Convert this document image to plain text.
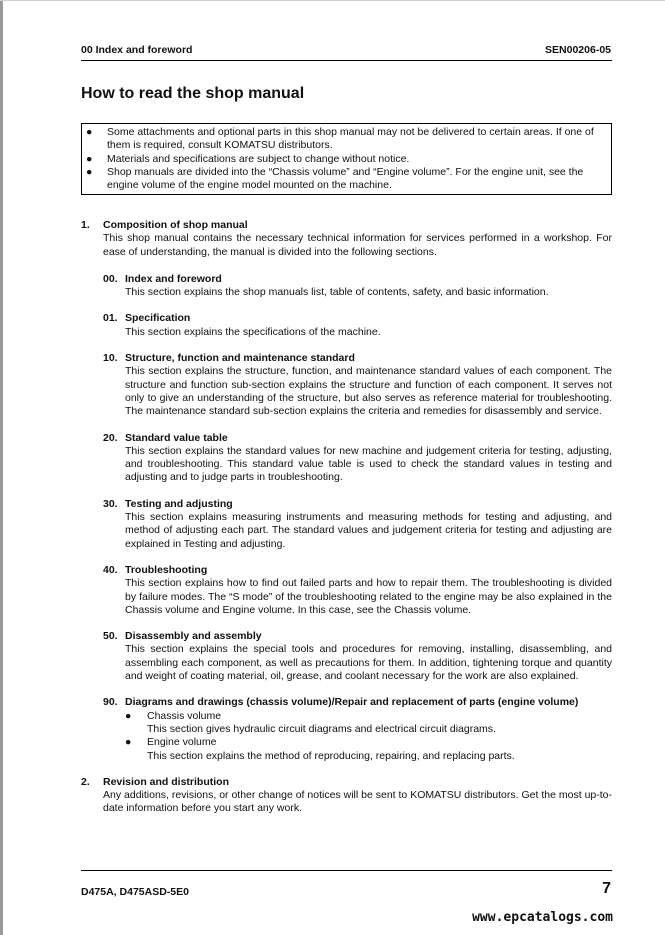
00 Index and foreword	SEN00206-05
How to read the shop manual
● Some attachments and optional parts in this shop manual may not be delivered to certain areas. If one of them is required, consult KOMATSU distributors.
● Materials and specifications are subject to change without notice.
● Shop manuals are divided into the “Chassis volume” and “Engine volume”. For the engine unit, see the engine volume of the engine model mounted on the machine.
1. Composition of shop manual
This shop manual contains the necessary technical information for services performed in a workshop. For ease of understanding, the manual is divided into the following sections.
00. Index and foreword
This section explains the shop manuals list, table of contents, safety, and basic information.
01. Specification
This section explains the specifications of the machine.
10. Structure, function and maintenance standard
This section explains the structure, function, and maintenance standard values of each component. The structure and function sub-section explains the structure and function of each component. It serves not only to give an understanding of the structure, but also serves as reference material for troubleshooting. The maintenance standard sub-section explains the criteria and remedies for disassembly and service.
20. Standard value table
This section explains the standard values for new machine and judgement criteria for testing, adjusting, and troubleshooting. This standard value table is used to check the standard values in testing and adjusting and to judge parts in troubleshooting.
30. Testing and adjusting
This section explains measuring instruments and measuring methods for testing and adjusting, and method of adjusting each part. The standard values and judgement criteria for testing and adjusting are explained in Testing and adjusting.
40. Troubleshooting
This section explains how to find out failed parts and how to repair them. The troubleshooting is divided by failure modes. The “S mode” of the troubleshooting related to the engine may be also explained in the Chassis volume and Engine volume. In this case, see the Chassis volume.
50. Disassembly and assembly
This section explains the special tools and procedures for removing, installing, disassembling, and assembling each component, as well as precautions for them. In addition, tightening torque and quantity and weight of coating material, oil, grease, and coolant necessary for the work are also explained.
90. Diagrams and drawings (chassis volume)/Repair and replacement of parts (engine volume)
● Chassis volume
This section gives hydraulic circuit diagrams and electrical circuit diagrams.
● Engine volume
This section explains the method of reproducing, repairing, and replacing parts.
2. Revision and distribution
Any additions, revisions, or other change of notices will be sent to KOMATSU distributors. Get the most up-to-date information before you start any work.
D475A, D475ASD-5E0	7
www.epcatalogs.com
